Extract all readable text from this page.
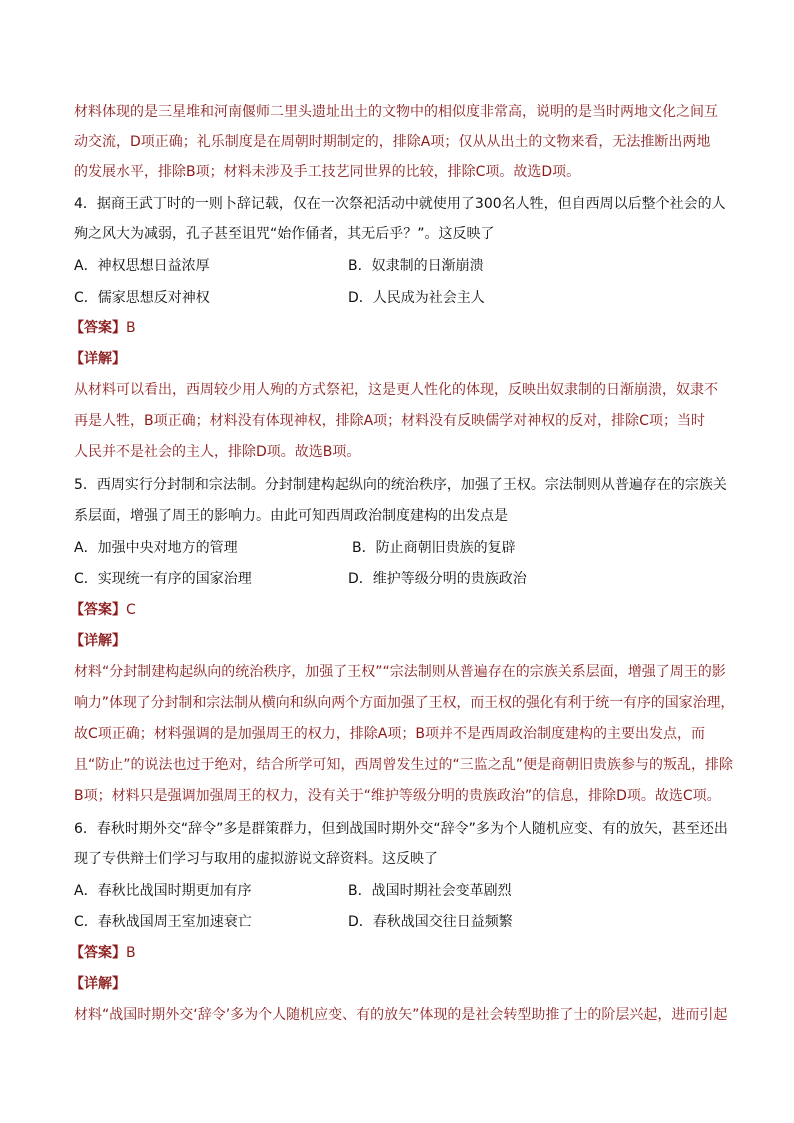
材料体现的是三星堆和河南偃师二里头遗址出土的文物中的相似度非常高，说明的是当时两地文化之间互
动交流，D项正确；礼乐制度是在周朝时期制定的，排除A项；仅从从出土的文物来看，无法推断出两地
的发展水平，排除B项；材料未涉及手工技艺同世界的比较，排除C项。故选D项。
4．据商王武丁时的一则卜辞记载，仅在一次祭祀活动中就使用了300名人牲，但自西周以后整个社会的人
殉之风大为减弱，孔子甚至诅咒“始作俑者，其无后乎？”。这反映了
A．神权思想日益浓厚	B．奴隶制的日渐崩溃
C．儒家思想反对神权	D．人民成为社会主人
【答案】B
【详解】
从材料可以看出，西周较少用人殉的方式祭祀，这是更人性化的体现，反映出奴隶制的日渐崩溃，奴隶不
再是人牲，B项正确；材料没有体现神权，排除A项；材料没有反映儒学对神权的反对，排除C项；当时
人民并不是社会的主人，排除D项。故选B项。
5．西周实行分封制和宗法制。分封制建构起纵向的统治秩序，加强了王权。宗法制则从普遍存在的宗族关
系层面，增强了周王的影响力。由此可知西周政治制度建构的出发点是
A．加强中央对地方的管理	B．防止商朝旧贵族的复辟
C．实现统一有序的国家治理	D．维护等级分明的贵族政治
【答案】C
【详解】
材料“分封制建构起纵向的统治秩序，加强了王权”“宗法制则从普遍存在的宗族关系层面，增强了周王的影
响力”体现了分封制和宗法制从横向和纵向两个方面加强了王权，而王权的强化有利于统一有序的国家治理，
故C项正确；材料强调的是加强周王的权力，排除A项；B项并不是西周政治制度建构的主要出发点，而
且“防止”的说法也过于绝对，结合所学可知，西周曾发生过的“三监之乱”便是商朝旧贵族参与的叛乱，排除
B项；材料只是强调加强周王的权力，没有关于“维护等级分明的贵族政治”的信息，排除D项。故选C项。
6．春秋时期外交“辞令”多是群策群力，但到战国时期外交“辞令”多为个人随机应变、有的放矢，甚至还出
现了专供辩士们学习与取用的虚拟游说文辞资料。这反映了
A．春秋比战国时期更加有序	B．战国时期社会变革剧烈
C．春秋战国周王室加速衰亡	D．春秋战国交往日益频繁
【答案】B
【详解】
材料“战国时期外交‘辞令’多为个人随机应变、有的放矢”体现的是社会转型助推了士的阶层兴起，进而引起
